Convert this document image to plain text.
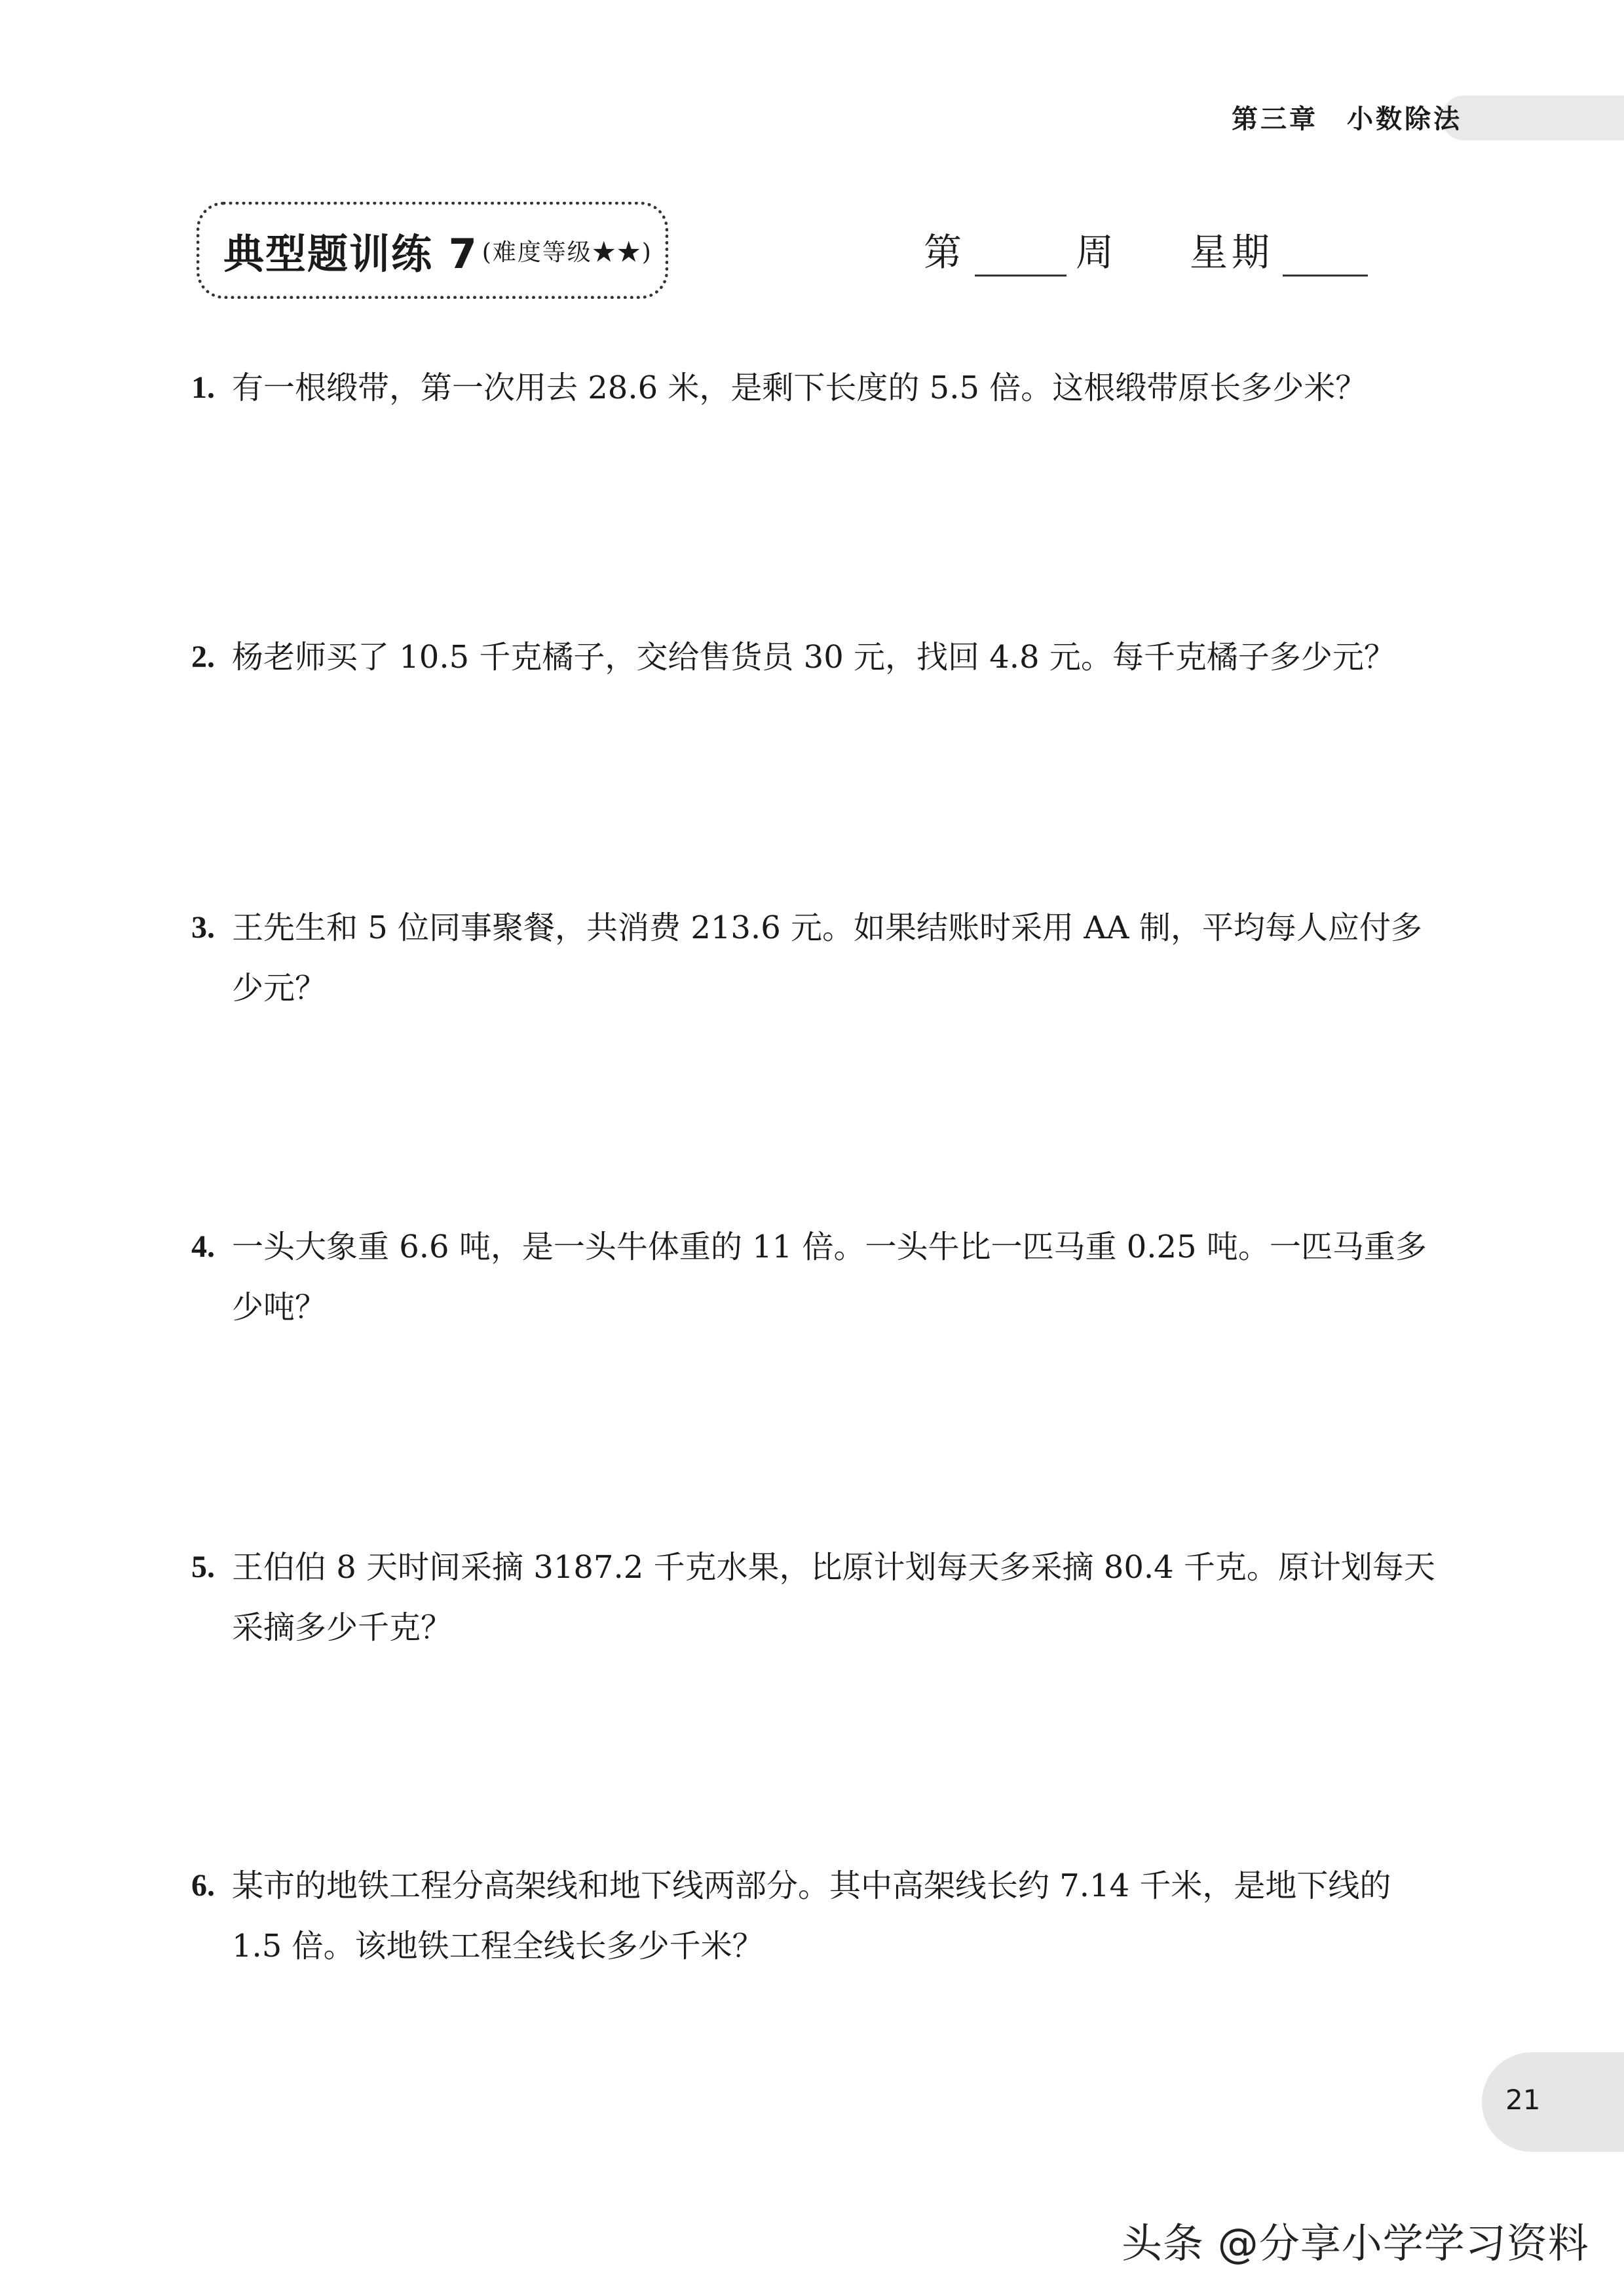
第三章　小数除法
典型题训练 7 (难度等级★★)	第	周 星期
1. 有一根缎带，第一次用去 28.6 米，是剩下长度的 5.5 倍。这根缎带原长多少米？
2. 杨老师买了 10.5 千克橘子，交给售货员 30 元，找回 4.8 元。每千克橘子多少元？
3. 王先生和 5 位同事聚餐，共消费 213.6 元。如果结账时采用 AA 制，平均每人应付多少元？
4. 一头大象重 6.6 吨，是一头牛体重的 11 倍。一头牛比一匹马重 0.25 吨。一匹马重多少吨？
5. 王伯伯 8 天时间采摘 3187.2 千克水果，比原计划每天多采摘 80.4 千克。原计划每天采摘多少千克？
6. 某市的地铁工程分高架线和地下线两部分。其中高架线长约 7.14 千米，是地下线的 1.5 倍。该地铁工程全线长多少千米？
21
头条 @分享小学学习资料
